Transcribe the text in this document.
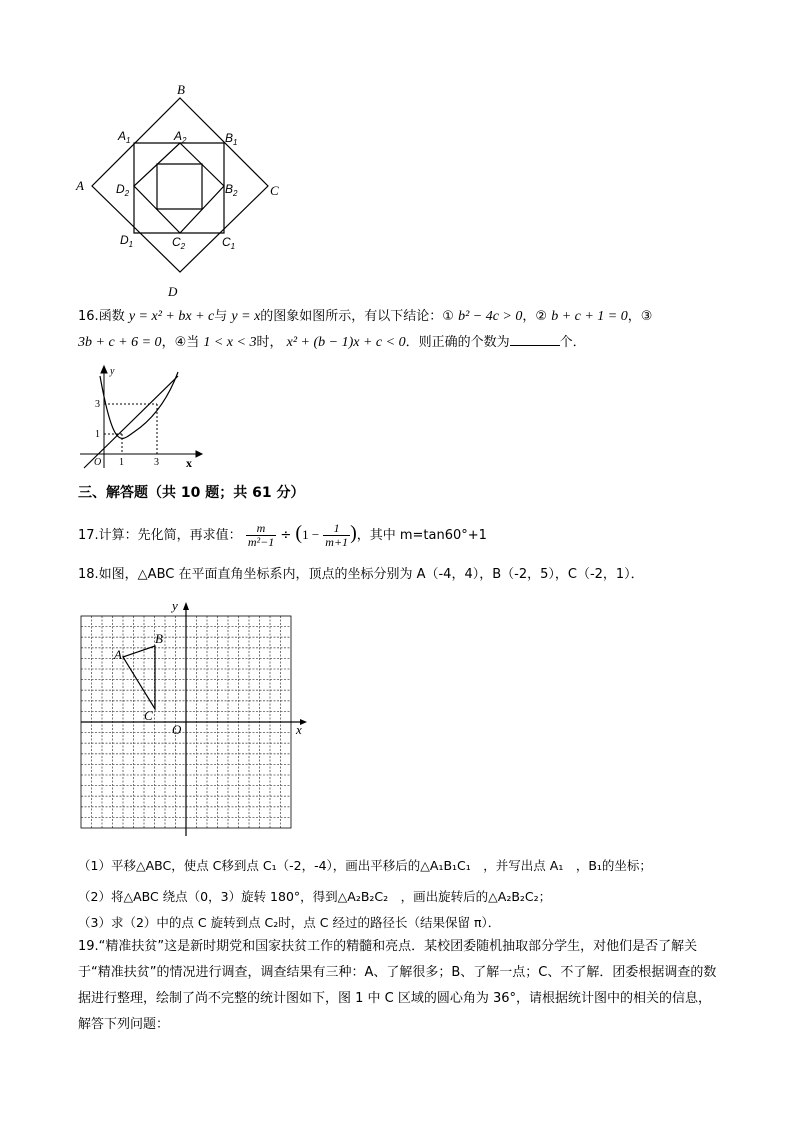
B
A	C
D
$A_1$	$A_2$	$B_1$
$D_2$	$B_2$
$D_1$	$C_2$	$C_1$
16.函数 y = x² + bx + c与 y = x的图象如图所示，有以下结论：① b² − 4c > 0，② b + c + 1 = 0，③
3b + c + 6 = 0，④当 1 < x < 3时， x² + (b − 1)x + c < 0．则正确的个数为	个．
y
x
O 1	3
1
3
三、解答题（共 10 题；共 61 分）
17.计算：先化简，再求值： $\frac{m}{\text{m²−1}} \div (1 - \frac{1}{m+1}$ )，其中 m=tan60°+1
18.如图，△ABC 在平面直角坐标系内，顶点的坐标分别为 A（-4，4），B（-2，5），C（-2，1）．
y
x
O
A
B
C
（1）平移△ABC，使点 C移到点 C₁（-2，-4），画出平移后的△A₁B₁C₁　，并写出点 A₁　，B₁的坐标；
（2）将△ABC 绕点（0，3）旋转 180°，得到△A₂B₂C₂　，画出旋转后的△A₂B₂C₂；
（3）求（2）中的点 C 旋转到点 C₂时，点 C 经过的路径长（结果保留 π）．
19.“精准扶贫”这是新时期党和国家扶贫工作的精髓和亮点．某校团委随机抽取部分学生，对他们是否了解关于“精准扶贫”的情况进行调查，调查结果有三种：A、了解很多；B、了解一点；C、不了解．团委根据调查的数据进行整理，绘制了尚不完整的统计图如下，图 1 中 C 区域的圆心角为 36°，请根据统计图中的相关的信息，解答下列问题：
